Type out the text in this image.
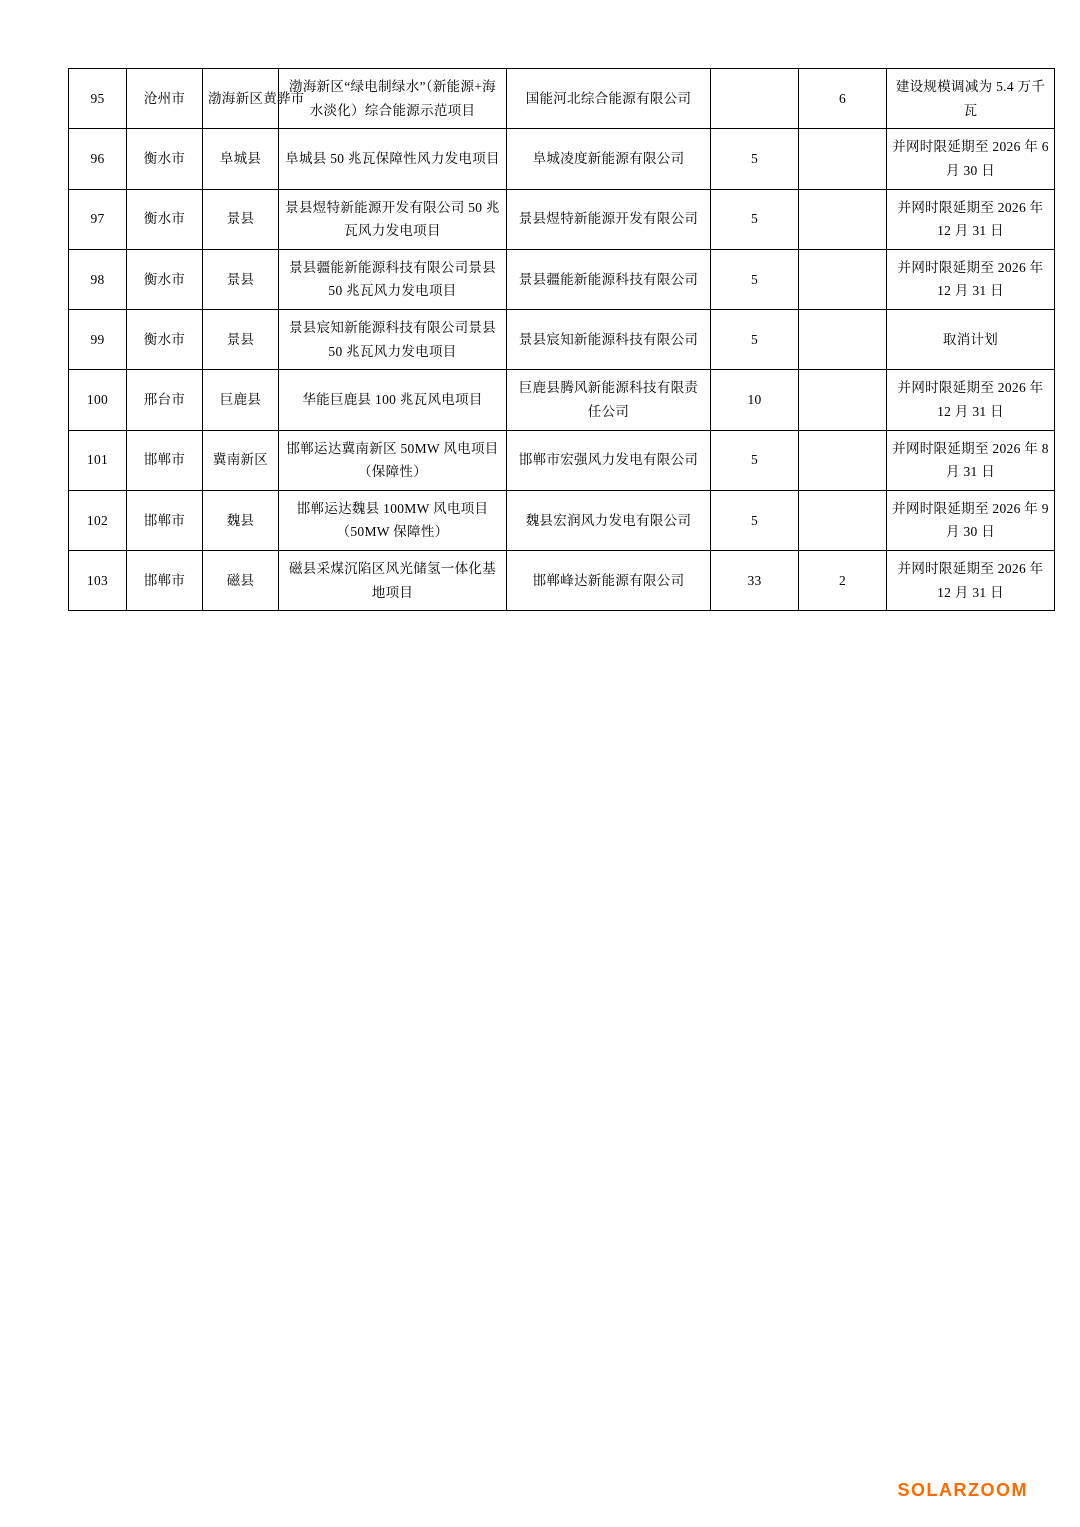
95	沧州市	渤海新区黄骅市	渤海新区“绿电制绿水”（新能源+海水淡化）综合能源示范项目	国能河北综合能源有限公司		6	建设规模调减为 5.4 万千瓦
96	衡水市	阜城县	阜城县 50 兆瓦保障性风力发电项目	阜城凌度新能源有限公司	5		并网时限延期至 2026 年 6 月 30 日
97	衡水市	景县	景县煜特新能源开发有限公司 50 兆瓦风力发电项目	景县煜特新能源开发有限公司	5		并网时限延期至 2026 年 12 月 31 日
98	衡水市	景县	景县疆能新能源科技有限公司景县 50 兆瓦风力发电项目	景县疆能新能源科技有限公司	5		并网时限延期至 2026 年 12 月 31 日
99	衡水市	景县	景县宸知新能源科技有限公司景县 50 兆瓦风力发电项目	景县宸知新能源科技有限公司	5		取消计划
100	邢台市	巨鹿县	华能巨鹿县 100 兆瓦风电项目	巨鹿县腾风新能源科技有限责任公司	10		并网时限延期至 2026 年 12 月 31 日
101	邯郸市	冀南新区	邯郸运达冀南新区 50MW 风电项目（保障性）	邯郸市宏强风力发电有限公司	5		并网时限延期至 2026 年 8 月 31 日
102	邯郸市	魏县	邯郸运达魏县 100MW 风电项目（50MW 保障性）	魏县宏润风力发电有限公司	5		并网时限延期至 2026 年 9 月 30 日
103	邯郸市	磁县	磁县采煤沉陷区风光储氢一体化基地项目	邯郸峰达新能源有限公司	33	2	并网时限延期至 2026 年 12 月 31 日
SOLARZOOM
